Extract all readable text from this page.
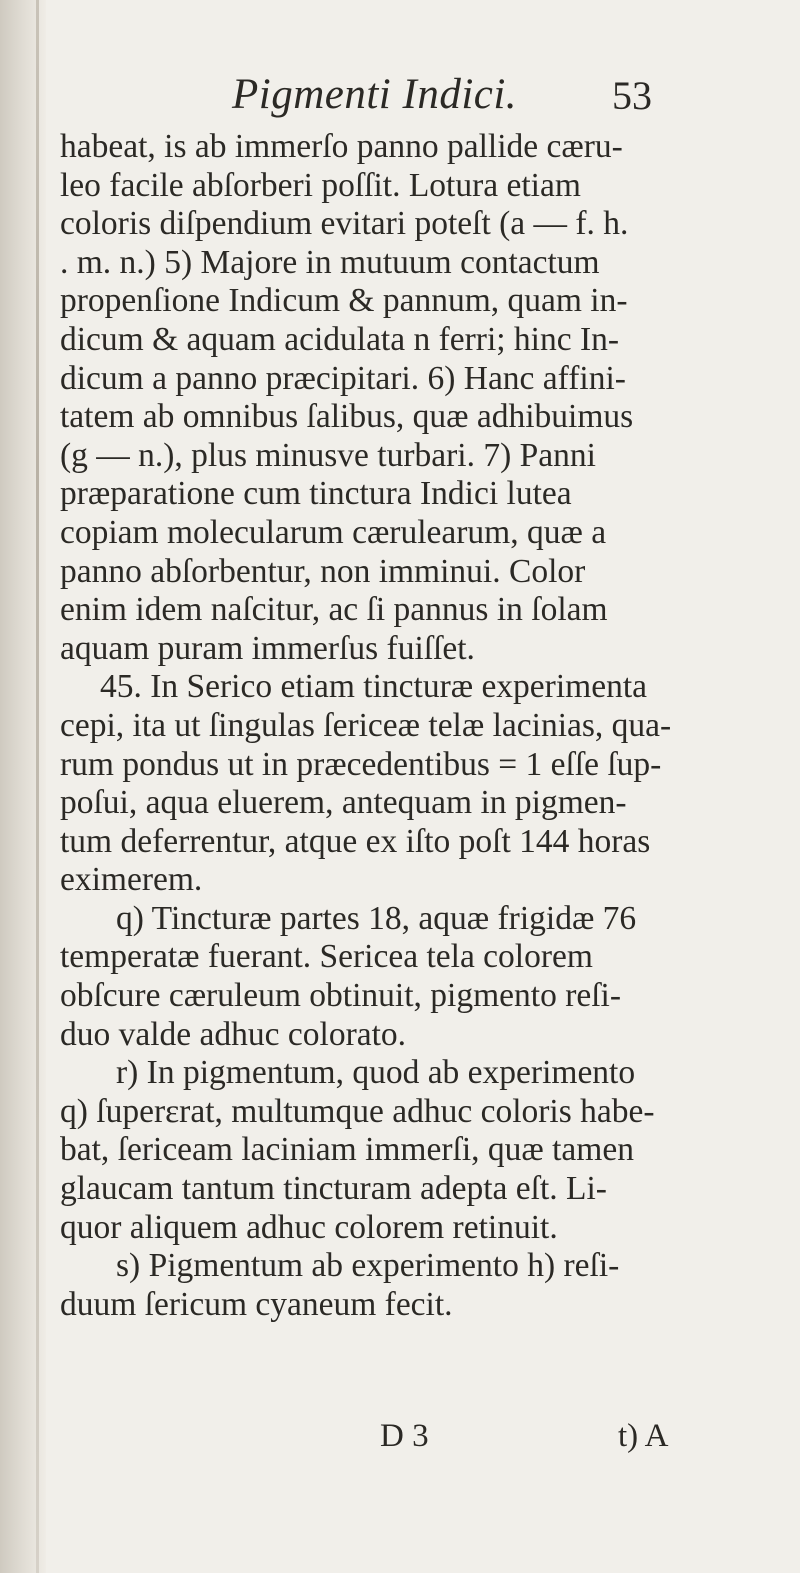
Pigmenti Indici. 53
habeat, is ab immerſo panno pallide cæru-
leo facile abſorberi poſſit. Lotura etiam
coloris diſpendium evitari poteſt (a — f. h.
. m. n.) 5) Majore in mutuum contactum
propenſione Indicum & pannum, quam in-
dicum & aquam acidulata n ferri; hinc In-
dicum a panno præcipitari. 6) Hanc affini-
tatem ab omnibus ſalibus, quæ adhibuimus
(g — n.), plus minusve turbari. 7) Panni
præparatione cum tinctura Indici lutea
copiam molecularum cærulearum, quæ a
panno abſorbentur, non imminui. Color
enim idem naſcitur, ac ſi pannus in ſolam
aquam puram immerſus fuiſſet.
45. In Serico etiam tincturæ experimenta
cepi, ita ut ſingulas ſericeæ telæ lacinias, qua-
rum pondus ut in præcedentibus = 1 eſſe ſup-
poſui, aqua eluerem, antequam in pigmen-
tum deferrentur, atque ex iſto poſt 144 horas
eximerem.
q) Tincturæ partes 18, aquæ frigidæ 76
temperatæ fuerant. Sericea tela colorem
obſcure cæruleum obtinuit, pigmento reſi-
duo valde adhuc colorato.
r) In pigmentum, quod ab experimento
q) ſuperεrat, multumque adhuc coloris habe-
bat, ſericeam laciniam immerſi, quæ tamen
glaucam tantum tincturam adepta eſt. Li-
quor aliquem adhuc colorem retinuit.
s) Pigmentum ab experimento h) reſi-
duum ſericum cyaneum fecit.
D 3	t) A
